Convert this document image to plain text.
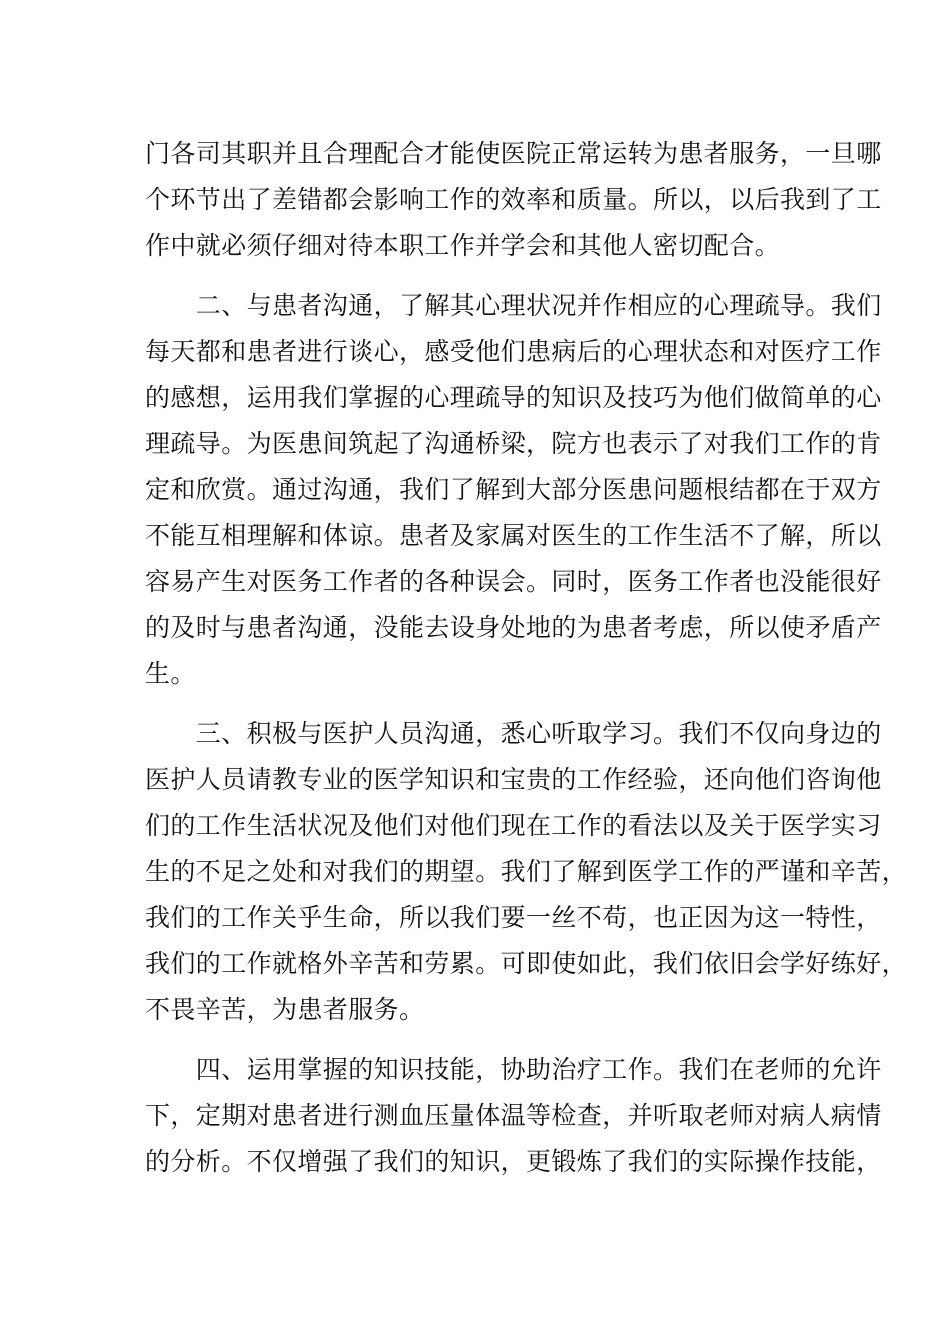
门各司其职并且合理配合才能使医院正常运转为患者服务，一旦哪
个环节出了差错都会影响工作的效率和质量。所以，以后我到了工
作中就必须仔细对待本职工作并学会和其他人密切配合。
　　二、与患者沟通，了解其心理状况并作相应的心理疏导。我们
每天都和患者进行谈心，感受他们患病后的心理状态和对医疗工作
的感想，运用我们掌握的心理疏导的知识及技巧为他们做简单的心
理疏导。为医患间筑起了沟通桥梁，院方也表示了对我们工作的肯
定和欣赏。通过沟通，我们了解到大部分医患问题根结都在于双方
不能互相理解和体谅。患者及家属对医生的工作生活不了解，所以
容易产生对医务工作者的各种误会。同时，医务工作者也没能很好
的及时与患者沟通，没能去设身处地的为患者考虑，所以使矛盾产
生。
　　三、积极与医护人员沟通，悉心听取学习。我们不仅向身边的
医护人员请教专业的医学知识和宝贵的工作经验，还向他们咨询他
们的工作生活状况及他们对他们现在工作的看法以及关于医学实习
生的不足之处和对我们的期望。我们了解到医学工作的严谨和辛苦，
我们的工作关乎生命，所以我们要一丝不苟，也正因为这一特性，
我们的工作就格外辛苦和劳累。可即使如此，我们依旧会学好练好，
不畏辛苦，为患者服务。
　　四、运用掌握的知识技能，协助治疗工作。我们在老师的允许
下，定期对患者进行测血压量体温等检查，并听取老师对病人病情
的分析。不仅增强了我们的知识，更锻炼了我们的实际操作技能，
